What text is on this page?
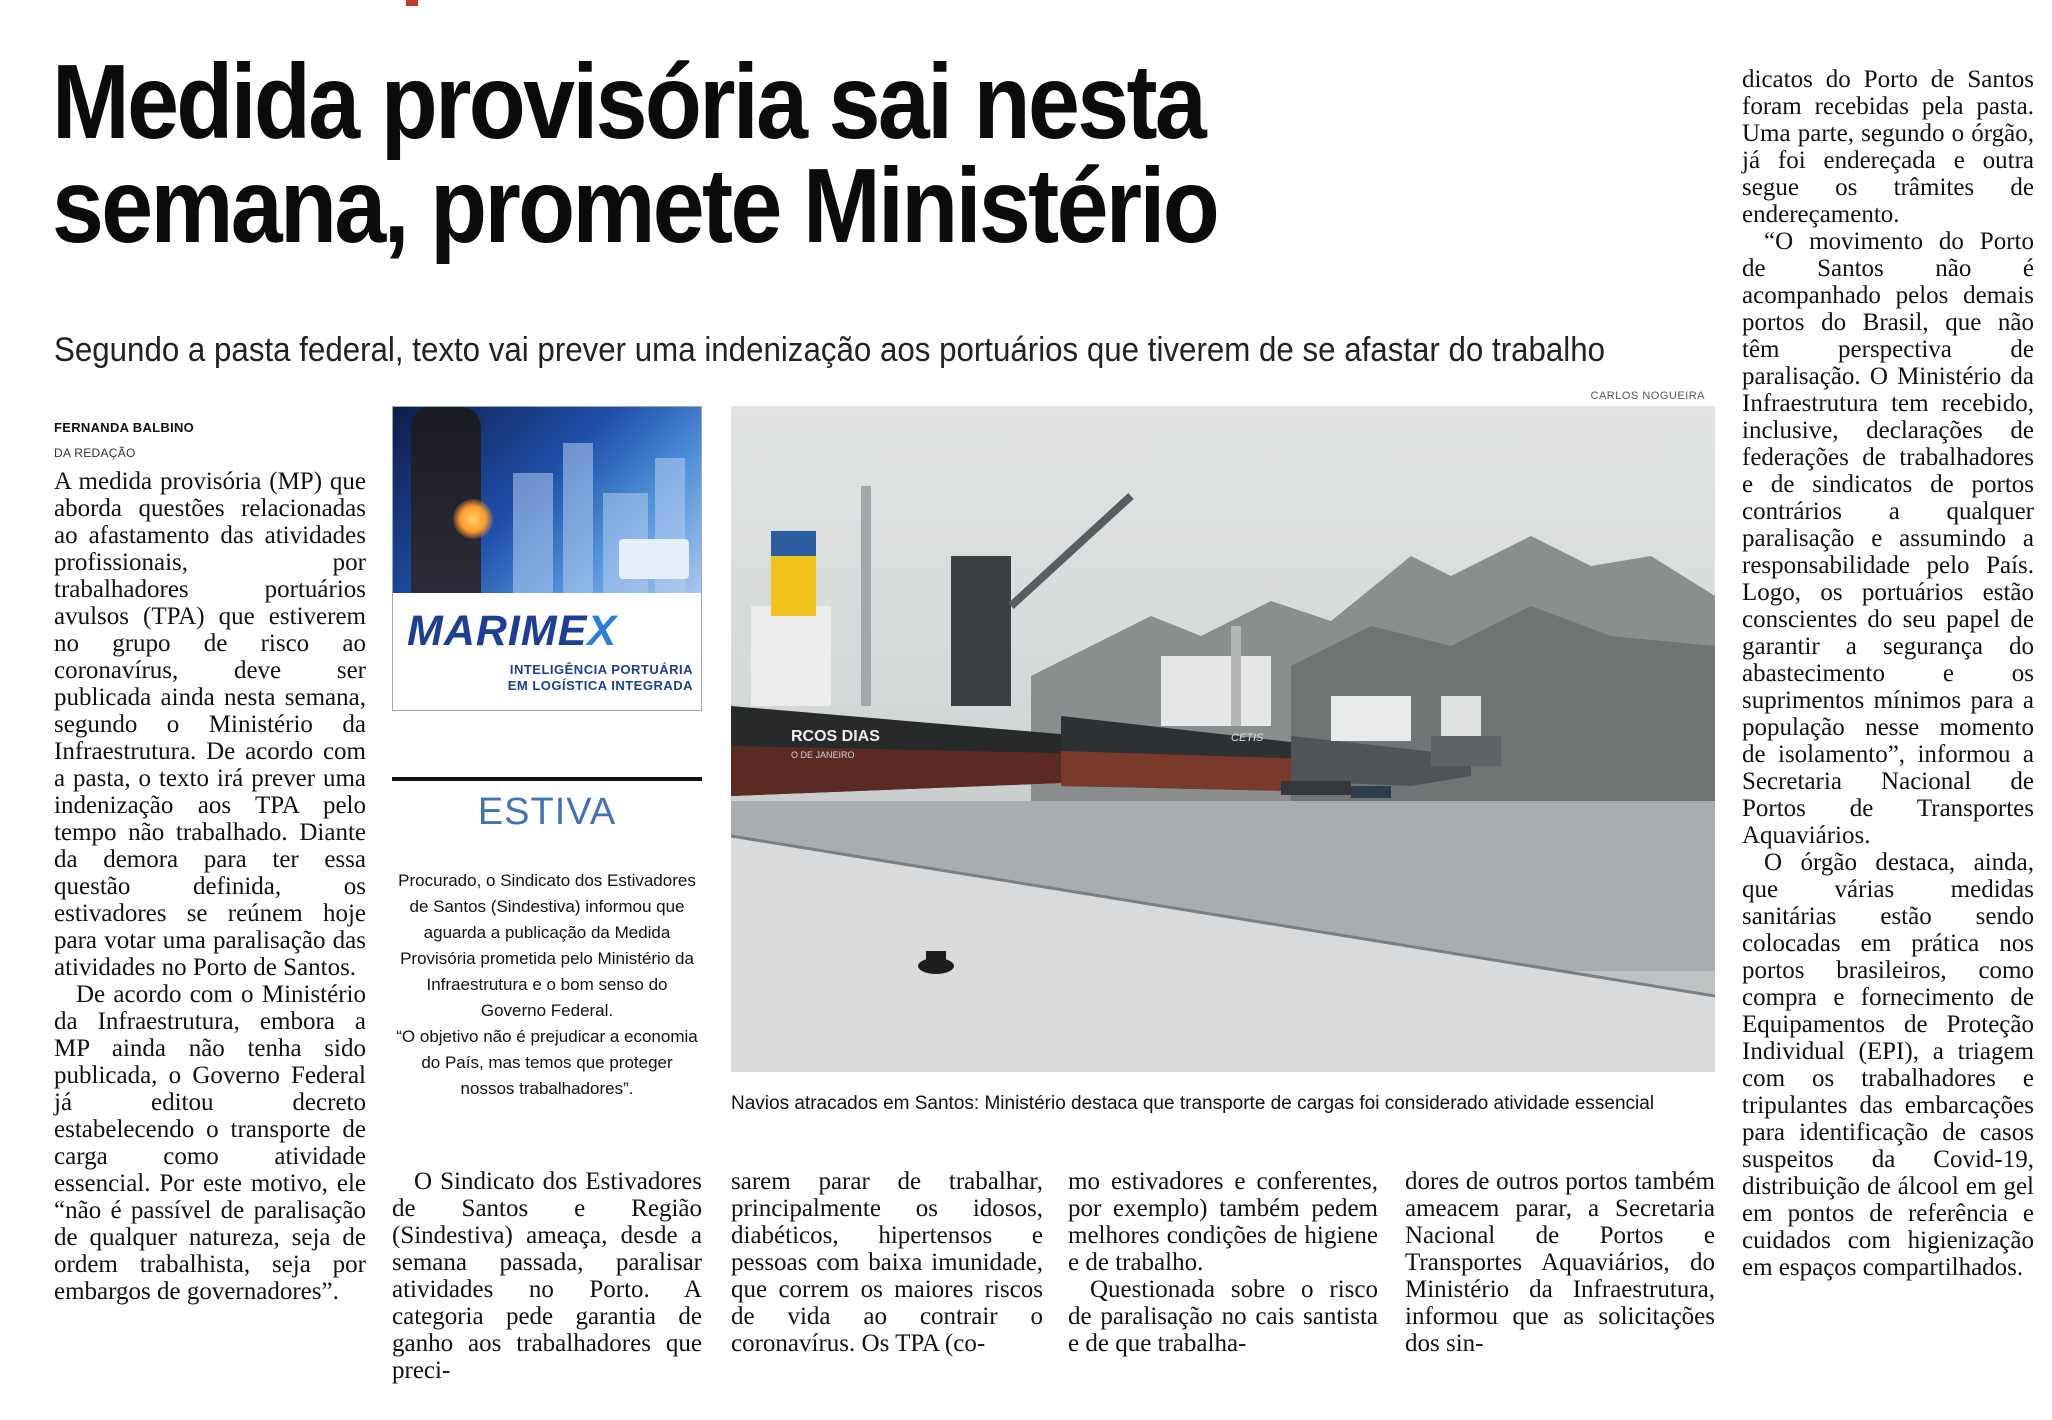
Medida provisória sai nesta semana, promete Ministério
Segundo a pasta federal, texto vai prever uma indenização aos portuários que tiverem de se afastar do trabalho
FERNANDA BALBINO
DA REDAÇÃO

A medida provisória (MP) que aborda questões relacionadas ao afastamento das atividades profissionais, por trabalhadores portuários avulsos (TPA) que estiverem no grupo de risco ao coronavírus, deve ser publicada ainda nesta semana, segundo o Ministério da Infraestrutura. De acordo com a pasta, o texto irá prever uma indenização aos TPA pelo tempo não trabalhado. Diante da demora para ter essa questão definida, os estivadores se reúnem hoje para votar uma paralisação das atividades no Porto de Santos.

De acordo com o Ministério da Infraestrutura, embora a MP ainda não tenha sido publicada, o Governo Federal já editou decreto estabelecendo o transporte de carga como atividade essencial. Por este motivo, ele “não é passível de paralisação de qualquer natureza, seja de ordem trabalhista, seja por embargos de governadores”.

MARIMEX
INTELIGÊNCIA PORTUÁRIA
EM LOGÍSTICA INTEGRADA
ESTIVA
Procurado, o Sindicato dos Estivadores de Santos (Sindestiva) informou que aguarda a publicação da Medida Provisória prometida pelo Ministério da Infraestrutura e o bom senso do Governo Federal.
“O objetivo não é prejudicar a economia do País, mas temos que proteger nossos trabalhadores”.
CARLOS NOGUEIRA
RCOS DIAS
O DE JANEIRO
CETIS
Navios atracados em Santos: Ministério destaca que transporte de cargas foi considerado atividade essencial

O Sindicato dos Estivadores de Santos e Região (Sindestiva) ameaça, desde a semana passada, paralisar atividades no Porto. A categoria pede garantia de ganho aos trabalhadores que preci-

sarem parar de trabalhar, principalmente os idosos, diabéticos, hipertensos e pessoas com baixa imunidade, que correm os maiores riscos de vida ao contrair o coronavírus. Os TPA (co-

mo estivadores e conferentes, por exemplo) também pedem melhores condições de higiene e de trabalho.

Questionada sobre o risco de paralisação no cais santista e de que trabalha-

dores de outros portos também ameacem parar, a Secretaria Nacional de Portos e Transportes Aquaviários, do Ministério da Infraestrutura, informou que as solicitações dos sin-

dicatos do Porto de Santos foram recebidas pela pasta. Uma parte, segundo o órgão, já foi endereçada e outra segue os trâmites de endereçamento.

“O movimento do Porto de Santos não é acompanhado pelos demais portos do Brasil, que não têm perspectiva de paralisação. O Ministério da Infraestrutura tem recebido, inclusive, declarações de federações de trabalhadores e de sindicatos de portos contrários a qualquer paralisação e assumindo a responsabilidade pelo País. Logo, os portuários estão conscientes do seu papel de garantir a segurança do abastecimento e os suprimentos mínimos para a população nesse momento de isolamento”, informou a Secretaria Nacional de Portos de Transportes Aquaviários.

O órgão destaca, ainda, que várias medidas sanitárias estão sendo colocadas em prática nos portos brasileiros, como compra e fornecimento de Equipamentos de Proteção Individual (EPI), a triagem com os trabalhadores e tripulantes das embarcações para identificação de casos suspeitos da Covid-19, distribuição de álcool em gel em pontos de referência e cuidados com higienização em espaços compartilhados.
